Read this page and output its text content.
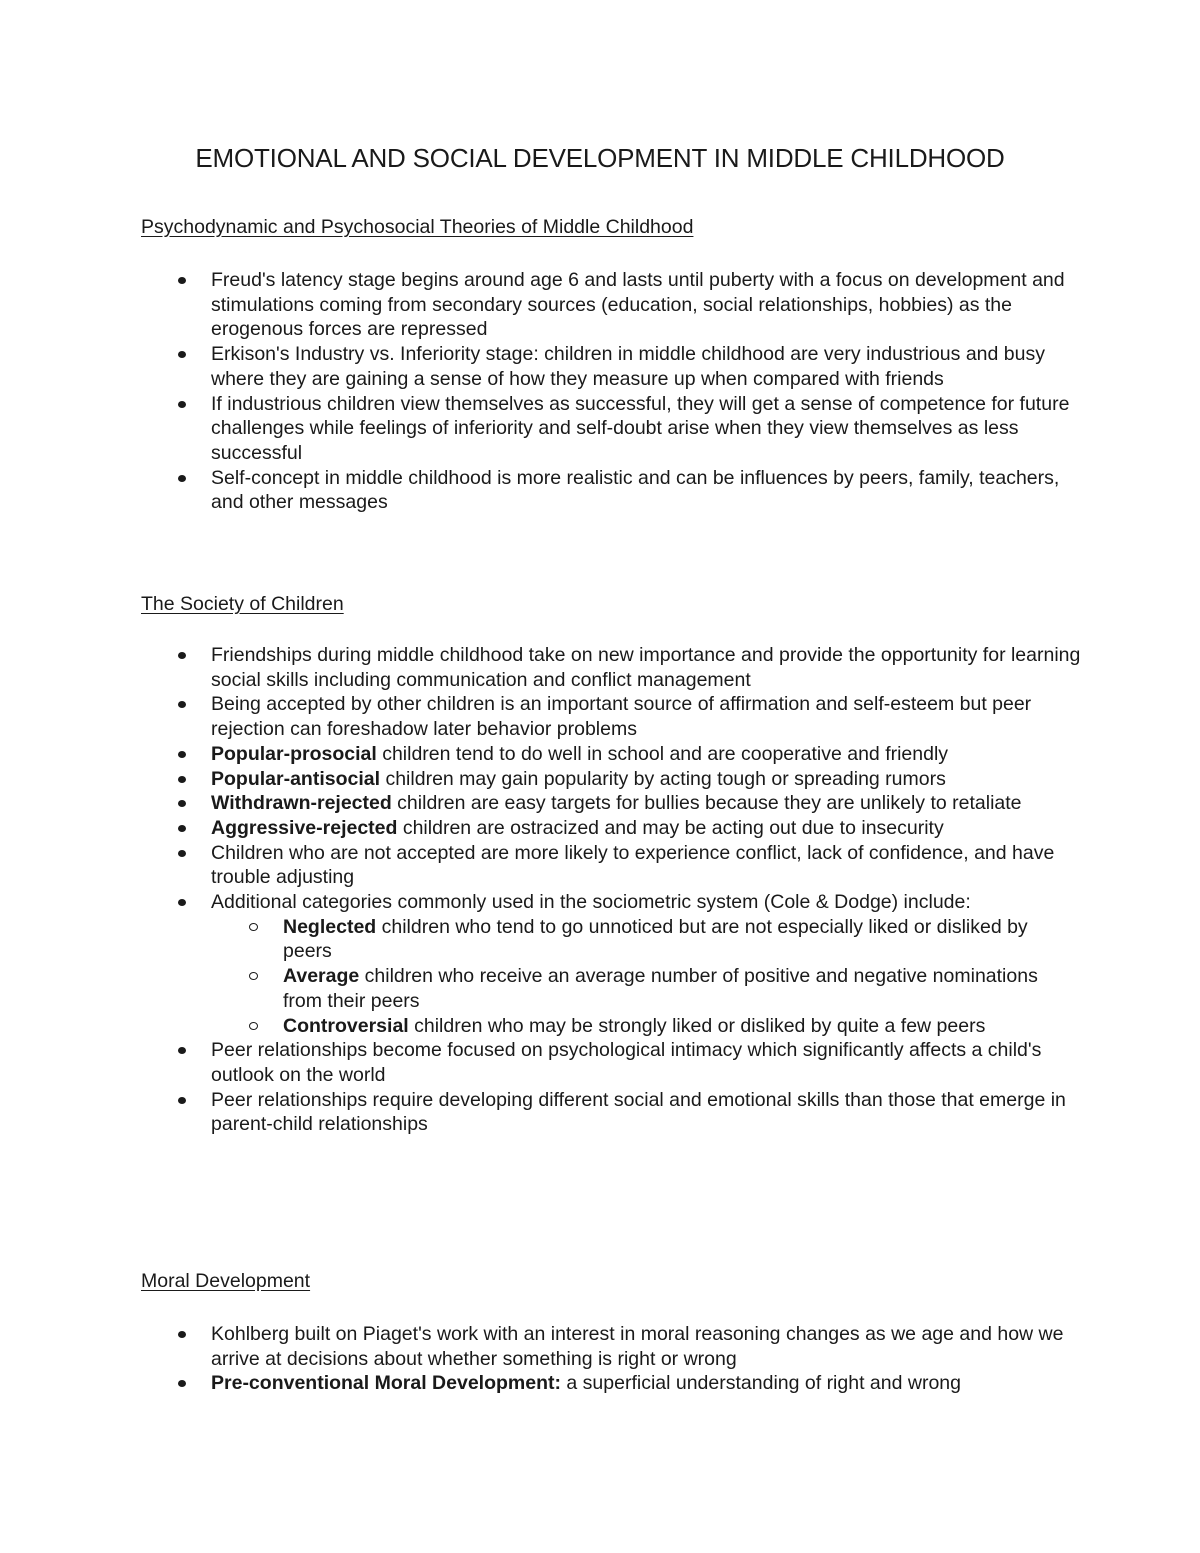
EMOTIONAL AND SOCIAL DEVELOPMENT IN MIDDLE CHILDHOOD

Psychodynamic and Psychosocial Theories of Middle Childhood

Freud's latency stage begins around age 6 and lasts until puberty with a focus on development and stimulations coming from secondary sources (education, social relationships, hobbies) as the erogenous forces are repressed
Erkison's Industry vs. Inferiority stage: children in middle childhood are very industrious and busy where they are gaining a sense of how they measure up when compared with friends
If industrious children view themselves as successful, they will get a sense of competence for future challenges while feelings of inferiority and self-doubt arise when they view themselves as less successful
Self-concept in middle childhood is more realistic and can be influences by peers, family, teachers, and other messages

The Society of Children

Friendships during middle childhood take on new importance and provide the opportunity for learning social skills including communication and conflict management
Being accepted by other children is an important source of affirmation and self-esteem but peer rejection can foreshadow later behavior problems
Popular-prosocial children tend to do well in school and are cooperative and friendly
Popular-antisocial children may gain popularity by acting tough or spreading rumors
Withdrawn-rejected children are easy targets for bullies because they are unlikely to retaliate
Aggressive-rejected children are ostracized and may be acting out due to insecurity
Children who are not accepted are more likely to experience conflict, lack of confidence, and have trouble adjusting
Additional categories commonly used in the sociometric system (Cole & Dodge) include:
Neglected children who tend to go unnoticed but are not especially liked or disliked by peers
Average children who receive an average number of positive and negative nominations from their peers
Controversial children who may be strongly liked or disliked by quite a few peers
Peer relationships become focused on psychological intimacy which significantly affects a child's outlook on the world
Peer relationships require developing different social and emotional skills than those that emerge in parent-child relationships

Moral Development

Kohlberg built on Piaget's work with an interest in moral reasoning changes as we age and how we arrive at decisions about whether something is right or wrong
Pre-conventional Moral Development: a superficial understanding of right and wrong
